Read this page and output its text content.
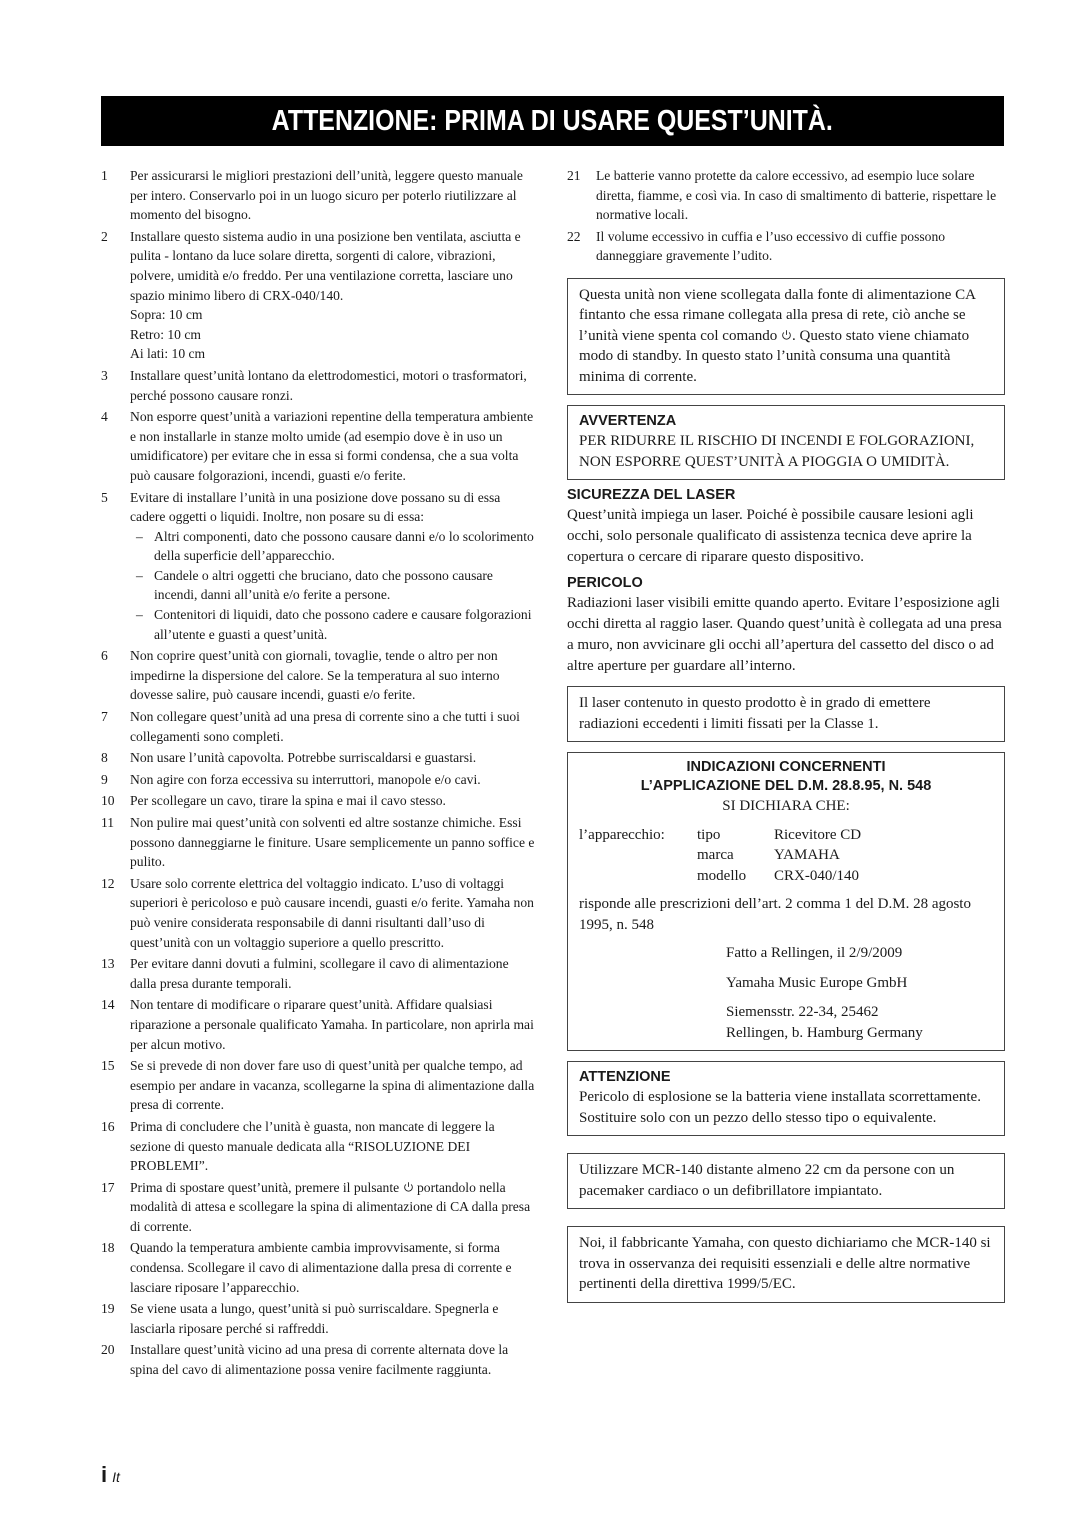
ATTENZIONE: PRIMA DI USARE QUEST’UNITÀ.
1	Per assicurarsi le migliori prestazioni dell’unità, leggere questo manuale per intero. Conservarlo poi in un luogo sicuro per poterlo riutilizzare al momento del bisogno.
2	Installare questo sistema audio in una posizione ben ventilata, asciutta e pulita - lontano da luce solare diretta, sorgenti di calore, vibrazioni, polvere, umidità e/o freddo. Per una ventilazione corretta, lasciare uno spazio minimo libero di CRX-040/140.
Sopra: 10 cm
Retro: 10 cm
Ai lati: 10 cm
3	Installare quest’unità lontano da elettrodomestici, motori o trasformatori, perché possono causare ronzi.
4	Non esporre quest’unità a variazioni repentine della temperatura ambiente e non installarle in stanze molto umide (ad esempio dove è in uso un umidificatore) per evitare che in essa si formi condensa, che a sua volta può causare folgorazioni, incendi, guasti e/o ferite.
5	Evitare di installare l’unità in una posizione dove possano su di essa cadere oggetti o liquidi. Inoltre, non posare su di essa:
– Altri componenti, dato che possono causare danni e/o lo scolorimento della superficie dell’apparecchio.
– Candele o altri oggetti che bruciano, dato che possono causare incendi, danni all’unità e/o ferite a persone.
– Contenitori di liquidi, dato che possono cadere e causare folgorazioni all’utente e guasti a quest’unità.
6	Non coprire quest’unità con giornali, tovaglie, tende o altro per non impedirne la dispersione del calore. Se la temperatura al suo interno dovesse salire, può causare incendi, guasti e/o ferite.
7	Non collegare quest’unità ad una presa di corrente sino a che tutti i suoi collegamenti sono completi.
8	Non usare l’unità capovolta. Potrebbe surriscaldarsi e guastarsi.
9	Non agire con forza eccessiva su interruttori, manopole e/o cavi.
10	Per scollegare un cavo, tirare la spina e mai il cavo stesso.
11	Non pulire mai quest’unità con solventi ed altre sostanze chimiche. Essi possono danneggiarne le finiture. Usare semplicemente un panno soffice e pulito.
12	Usare solo corrente elettrica del voltaggio indicato. L’uso di voltaggi superiori è pericoloso e può causare incendi, guasti e/o ferite. Yamaha non può venire considerata responsabile di danni risultanti dall’uso di quest’unità con un voltaggio superiore a quello prescritto.
13	Per evitare danni dovuti a fulmini, scollegare il cavo di alimentazione dalla presa durante temporali.
14	Non tentare di modificare o riparare quest’unità. Affidare qualsiasi riparazione a personale qualificato Yamaha. In particolare, non aprirla mai per alcun motivo.
15	Se si prevede di non dover fare uso di quest’unità per qualche tempo, ad esempio per andare in vacanza, scollegarne la spina di alimentazione dalla presa di corrente.
16	Prima di concludere che l’unità è guasta, non mancate di leggere la sezione di questo manuale dedicata alla “RISOLUZIONE DEI PROBLEMI”.
17	Prima di spostare quest’unità, premere il pulsante portandolo nella modalità di attesa e scollegare la spina di alimentazione di CA dalla presa di corrente.
18	Quando la temperatura ambiente cambia improvvisamente, si forma condensa. Scollegare il cavo di alimentazione dalla presa di corrente e lasciare riposare l’apparecchio.
19	Se viene usata a lungo, quest’unità si può surriscaldare. Spegnerla e lasciarla riposare perché si raffreddi.
20	Installare quest’unità vicino ad una presa di corrente alternata dove la spina del cavo di alimentazione possa venire facilmente raggiunta.
21	Le batterie vanno protette da calore eccessivo, ad esempio luce solare diretta, fiamme, e così via. In caso di smaltimento di batterie, rispettare le normative locali.
22	Il volume eccessivo in cuffia e l’uso eccessivo di cuffie possono danneggiare gravemente l’udito.

Questa unità non viene scollegata dalla fonte di alimentazione CA fintanto che essa rimane collegata alla presa di rete, ciò anche se l’unità viene spenta col comando . Questo stato viene chiamato modo di standby. In questo stato l’unità consuma una quantità minima di corrente.

AVVERTENZA

PER RIDURRE IL RISCHIO DI INCENDI E FOLGORAZIONI, NON ESPORRE QUEST’UNITÀ A PIOGGIA O UMIDITÀ.

SICUREZZA DEL LASER

Quest’unità impiega un laser. Poiché è possibile causare lesioni agli occhi, solo personale qualificato di assistenza tecnica deve aprire la copertura o cercare di riparare questo dispositivo.

PERICOLO

Radiazioni laser visibili emitte quando aperto. Evitare l’esposizione agli occhi diretta al raggio laser. Quando quest’unità è collegata ad una presa a muro, non avvicinare gli occhi all’apertura del cassetto del disco o ad altre aperture per guardare all’interno.

Il laser contenuto in questo prodotto è in grado di emettere radiazioni eccedenti i limiti fissati per la Classe 1.

INDICAZIONI CONCERNENTI
L’APPLICAZIONE DEL D.M. 28.8.95, N. 548

SI DICHIARA CHE:

l’apparecchio:	tipo	Ricevitore CD
marca	YAMAHA
modello	CRX-040/140

risponde alle prescrizioni dell’art. 2 comma 1 del D.M. 28 agosto 1995, n. 548

Fatto a Rellingen, il 2/9/2009
Yamaha Music Europe GmbH
Siemensstr. 22-34, 25462
Rellingen, b. Hamburg Germany
ATTENZIONE

Pericolo di esplosione se la batteria viene installata scorrettamente. Sostituire solo con un pezzo dello stesso tipo o equivalente.

Utilizzare MCR-140 distante almeno 22 cm da persone con un pacemaker cardiaco o un defibrillatore impiantato.

Noi, il fabbricante Yamaha, con questo dichiariamo che MCR-140 si trova in osservanza dei requisiti essenziali e delle altre normative pertinenti della direttiva 1999/5/EC.

i It
